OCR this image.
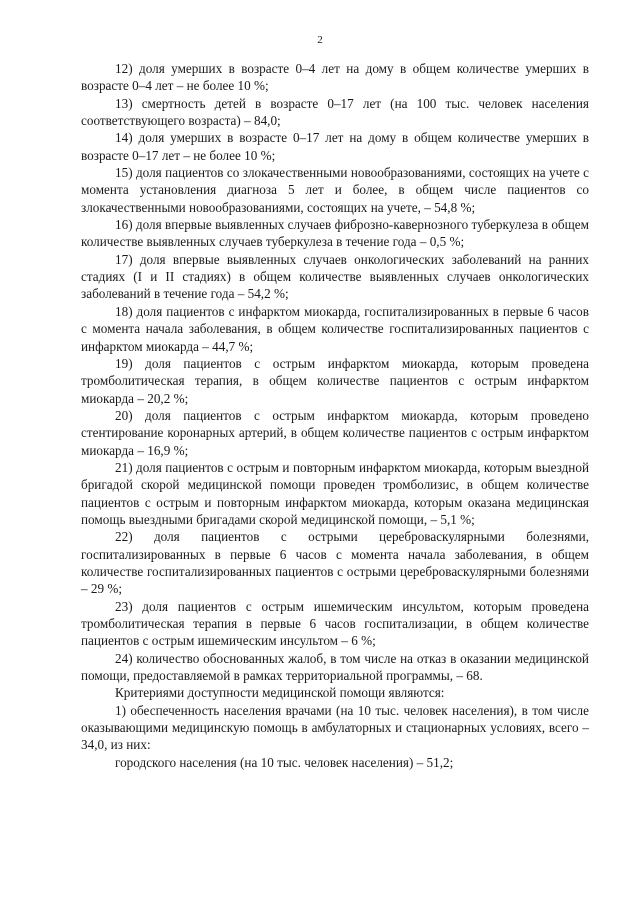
2

12) доля умерших в возрасте 0–4 лет на дому в общем количестве умерших в возрасте 0–4 лет – не более 10 %;

13) смертность детей в возрасте 0–17 лет (на 100 тыс. человек населения соответствующего возраста) – 84,0;

14) доля умерших в возрасте 0–17 лет на дому в общем количестве умерших в возрасте 0–17 лет – не более 10 %;

15) доля пациентов со злокачественными новообразованиями, состоящих на учете с момента установления диагноза 5 лет и более, в общем числе пациентов со злокачественными новообразованиями, состоящих на учете, – 54,8 %;

16) доля впервые выявленных случаев фиброзно-кавернозного туберкулеза в общем количестве выявленных случаев туберкулеза в течение года – 0,5 %;

17) доля впервые выявленных случаев онкологических заболеваний на ранних стадиях (I и II стадиях) в общем количестве выявленных случаев онкологических заболеваний в течение года – 54,2 %;

18) доля пациентов с инфарктом миокарда, госпитализированных в первые 6 часов с момента начала заболевания, в общем количестве госпитализированных пациентов с инфарктом миокарда – 44,7 %;

19) доля пациентов с острым инфарктом миокарда, которым проведена тромболитическая терапия, в общем количестве пациентов с острым инфарктом миокарда – 20,2 %;

20) доля пациентов с острым инфарктом миокарда, которым проведено стентирование коронарных артерий, в общем количестве пациентов с острым инфарктом миокарда – 16,9 %;

21) доля пациентов с острым и повторным инфарктом миокарда, которым выездной бригадой скорой медицинской помощи проведен тромболизис, в общем количестве пациентов с острым и повторным инфарктом миокарда, которым оказана медицинская помощь выездными бригадами скорой медицинской помощи, – 5,1 %;

22) доля пациентов с острыми цереброваскулярными болезнями, госпитализированных в первые 6 часов с момента начала заболевания, в общем количестве госпитализированных пациентов с острыми цереброваскулярными болезнями – 29 %;

23) доля пациентов с острым ишемическим инсультом, которым проведена тромболитическая терапия в первые 6 часов госпитализации, в общем количестве пациентов с острым ишемическим инсультом – 6 %;

24) количество обоснованных жалоб, в том числе на отказ в оказании медицинской помощи, предоставляемой в рамках территориальной программы, – 68.

Критериями доступности медицинской помощи являются:

1) обеспеченность населения врачами (на 10 тыс. человек населения), в том числе оказывающими медицинскую помощь в амбулаторных и стационарных условиях, всего – 34,0, из них:

городского населения (на 10 тыс. человек населения) – 51,2;
